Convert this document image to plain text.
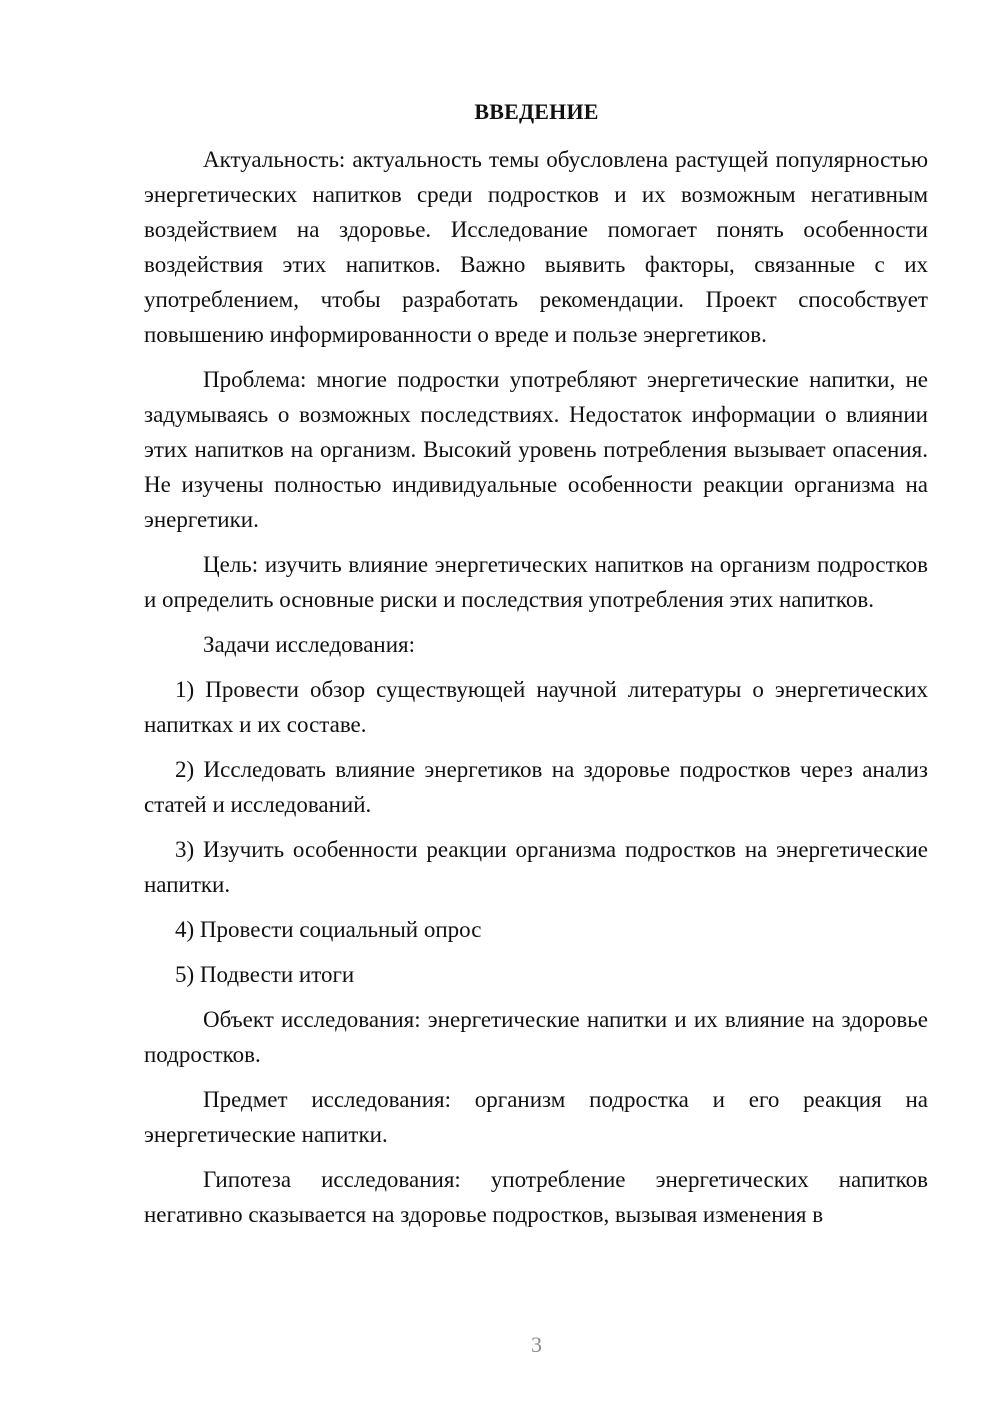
ВВЕДЕНИЕ

Актуальность: актуальность темы обусловлена растущей популярностью энергетических напитков среди подростков и их возможным негативным воздействием на здоровье. Исследование помогает понять особенности воздействия этих напитков. Важно выявить факторы, связанные с их употреблением, чтобы разработать рекомендации. Проект способствует повышению информированности о вреде и пользе энергетиков.

Проблема: многие подростки употребляют энергетические напитки, не задумываясь о возможных последствиях. Недостаток информации о влиянии этих напитков на организм. Высокий уровень потребления вызывает опасения. Не изучены полностью индивидуальные особенности реакции организма на энергетики.

Цель: изучить влияние энергетических напитков на организм подростков и определить основные риски и последствия употребления этих напитков.

Задачи исследования:

1) Провести обзор существующей научной литературы о энергетических напитках и их составе.

2) Исследовать влияние энергетиков на здоровье подростков через анализ статей и исследований.

3) Изучить особенности реакции организма подростков на энергетические напитки.

4) Провести социальный опрос

5) Подвести итоги

Объект исследования: энергетические напитки и их влияние на здоровье подростков.

Предмет исследования: организм подростка и его реакция на энергетические напитки.

Гипотеза исследования: употребление энергетических напитков негативно сказывается на здоровье подростков, вызывая изменения в

3
